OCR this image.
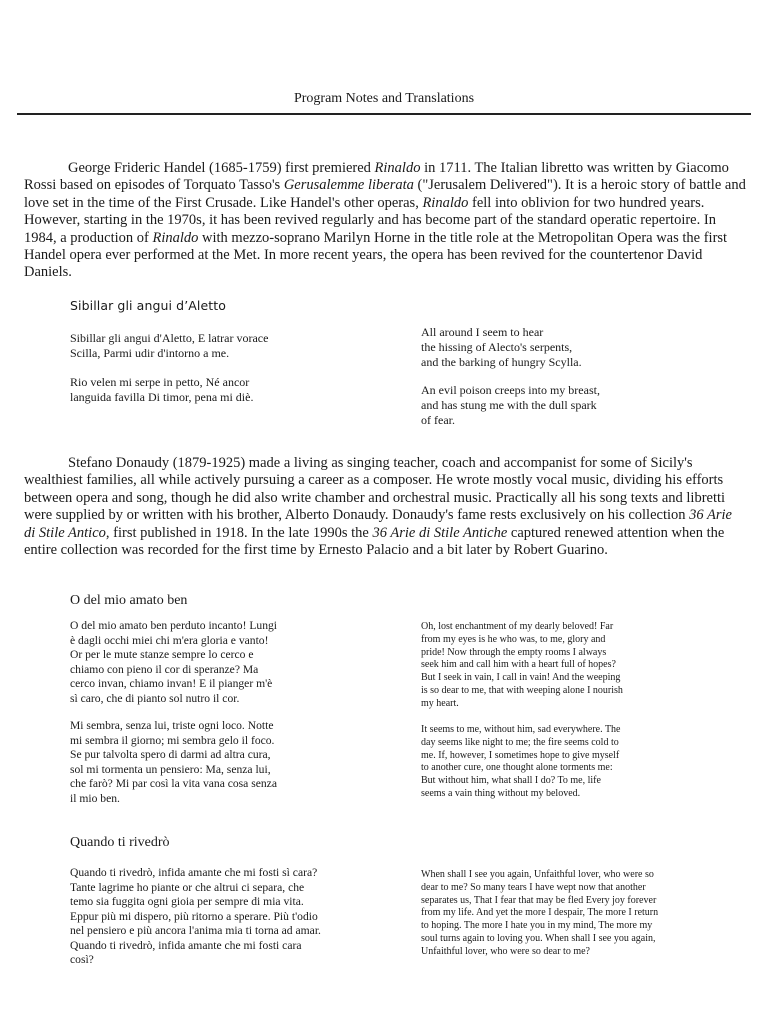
Program Notes and Translations

George Frideric Handel (1685-1759) first premiered Rinaldo in 1711. The Italian libretto was written by Giacomo Rossi based on episodes of Torquato Tasso's Gerusalemme liberata ("Jerusalem Delivered"). It is a heroic story of battle and love set in the time of the First Crusade. Like Handel's other operas, Rinaldo fell into oblivion for two hundred years. However, starting in the 1970s, it has been revived regularly and has become part of the standard operatic repertoire. In 1984, a production of Rinaldo with mezzo-soprano Marilyn Horne in the title role at the Metropolitan Opera was the first Handel opera ever performed at the Met. In more recent years, the opera has been revived for the countertenor David Daniels.

Sibillar gli angui d’Aletto

Sibillar gli angui d'Aletto, E latrar vorace
Scilla, Parmi udir d'intorno a me.

Rio velen mi serpe in petto, Né ancor
languida favilla Di timor, pena mi diè.

All around I seem to hear
the hissing of Alecto's serpents,
and the barking of hungry Scylla.

An evil poison creeps into my breast,
and has stung me with the dull spark
of fear.

Stefano Donaudy (1879-1925) made a living as singing teacher, coach and accompanist for some of Sicily's wealthiest families, all while actively pursuing a career as a composer. He wrote mostly vocal music, dividing his efforts between opera and song, though he did also write chamber and orchestral music. Practically all his song texts and libretti were supplied by or written with his brother, Alberto Donaudy. Donaudy's fame rests exclusively on his collection 36 Arie di Stile Antico, first published in 1918. In the late 1990s the 36 Arie di Stile Antiche captured renewed attention when the entire collection was recorded for the first time by Ernesto Palacio and a bit later by Robert Guarino.

O del mio amato ben

O del mio amato ben perduto incanto! Lungi
è dagli occhi miei chi m'era gloria e vanto!
Or per le mute stanze sempre lo cerco e
chiamo con pieno il cor di speranze? Ma
cerco invan, chiamo invan! E il pianger m'è
sì caro, che di pianto sol nutro il cor.

Mi sembra, senza lui, triste ogni loco. Notte
mi sembra il giorno; mi sembra gelo il foco.
Se pur talvolta spero di darmi ad altra cura,
sol mi tormenta un pensiero: Ma, senza lui,
che farò? Mi par così la vita vana cosa senza
il mio ben.

Oh, lost enchantment of my dearly beloved! Far
from my eyes is he who was, to me, glory and
pride! Now through the empty rooms I always
seek him and call him with a heart full of hopes?
But I seek in vain, I call in vain! And the weeping
is so dear to me, that with weeping alone I nourish
my heart.

It seems to me, without him, sad everywhere. The
day seems like night to me; the fire seems cold to
me. If, however, I sometimes hope to give myself
to another cure, one thought alone torments me:
But without him, what shall I do? To me, life
seems a vain thing without my beloved.

Quando ti rivedrò

Quando ti rivedrò, infida amante che mi fosti sì cara?
Tante lagrime ho piante or che altrui ci separa, che
temo sia fuggita ogni gioia per sempre di mia vita.
Eppur più mi dispero, più ritorno a sperare. Più t'odio
nel pensiero e più ancora l'anima mia ti torna ad amar.
Quando ti rivedrò, infida amante che mi fosti cara
così?

When shall I see you again, Unfaithful lover, who were so
dear to me? So many tears I have wept now that another
separates us, That I fear that may be fled Every joy forever
from my life. And yet the more I despair, The more I return
to hoping. The more I hate you in my mind, The more my
soul turns again to loving you. When shall I see you again,
Unfaithful lover, who were so dear to me?
